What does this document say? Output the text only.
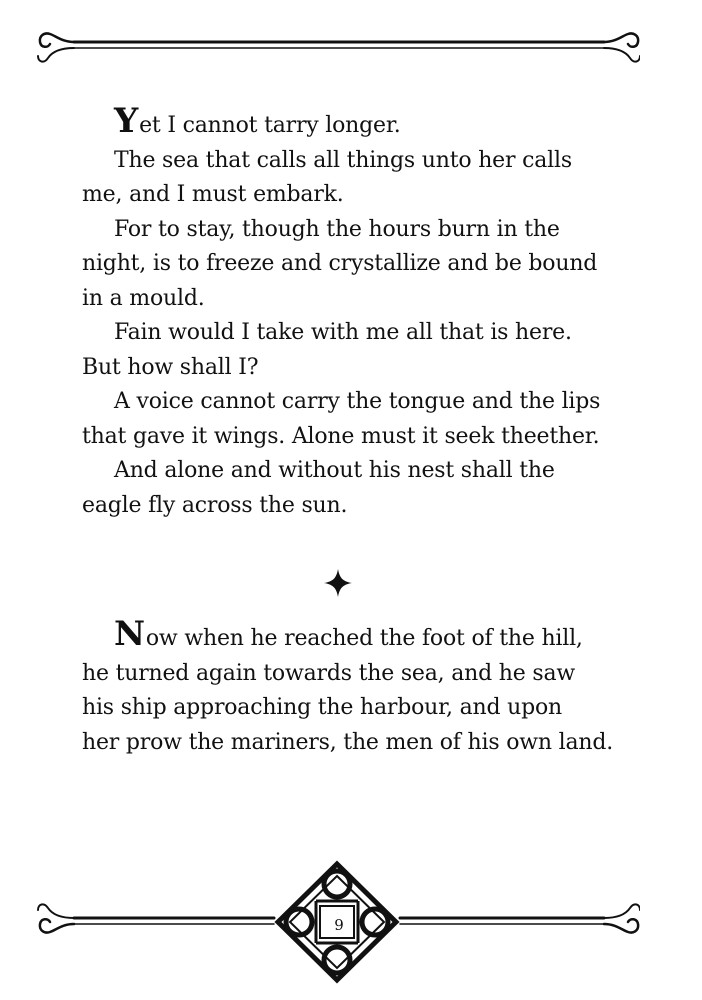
Yet I cannot tarry longer.

The sea that calls all things unto her calls
me, and I must embark.

For to stay, though the hours burn in the
night, is to freeze and crystallize and be bound
in a mould.

Fain would I take with me all that is here.
But how shall I?

A voice cannot carry the tongue and the lips
that gave it wings. Alone must it seek theether.

And alone and without his nest shall the
eagle fly across the sun.

Now when he reached the foot of the hill,
he turned again towards the sea, and he saw
his ship approaching the harbour, and upon
her prow the mariners, the men of his own land.

9
